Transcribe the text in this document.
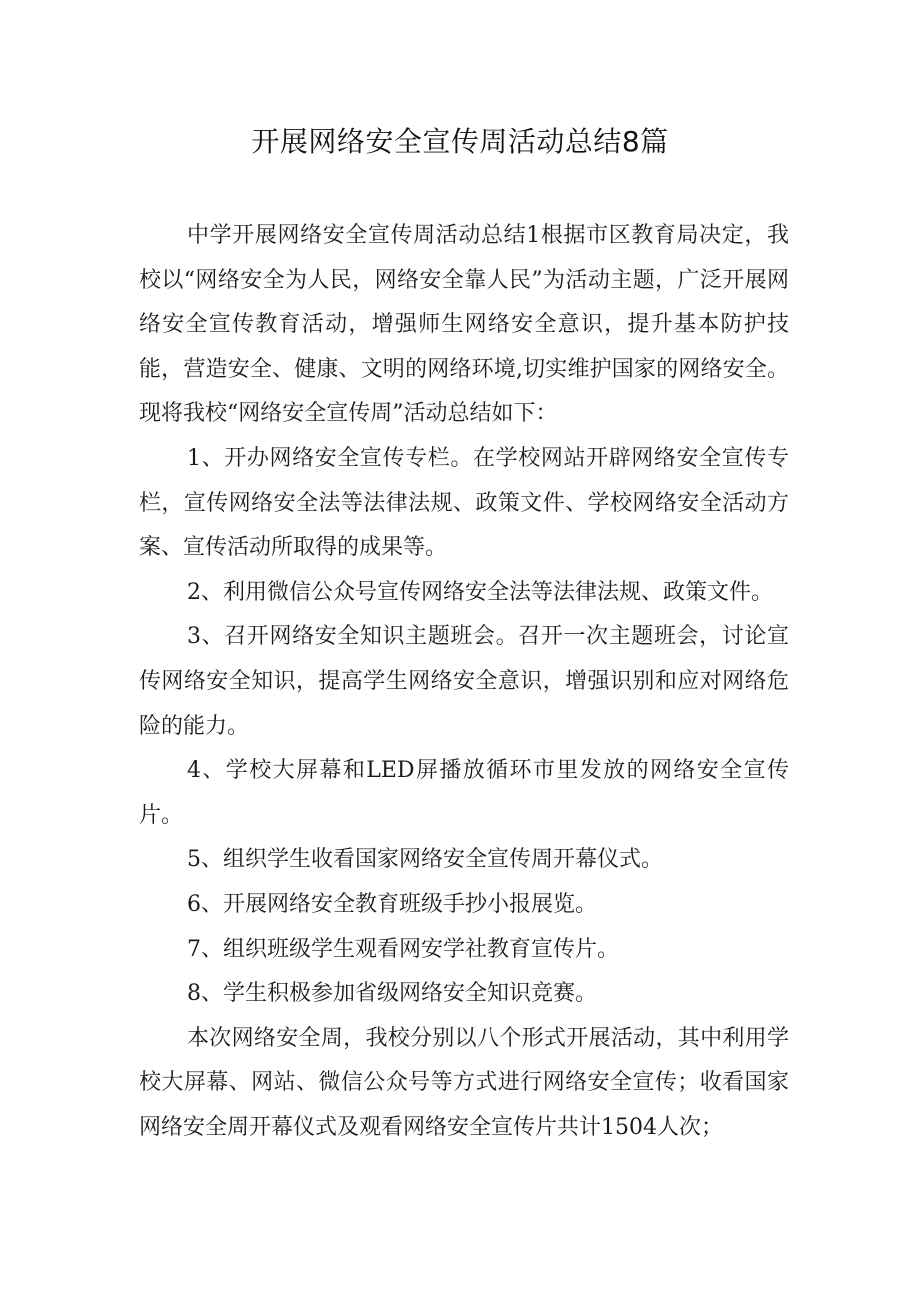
开展网络安全宣传周活动总结8篇

中学开展网络安全宣传周活动总结1根据市区教育局决定，我校以“网络安全为人民，网络安全靠人民”为活动主题，广泛开展网络安全宣传教育活动，增强师生网络安全意识，提升基本防护技能，营造安全、健康、文明的网络环境,切实维护国家的网络安全。现将我校“网络安全宣传周”活动总结如下：

1、开办网络安全宣传专栏。在学校网站开辟网络安全宣传专栏，宣传网络安全法等法律法规、政策文件、学校网络安全活动方案、宣传活动所取得的成果等。

2、利用微信公众号宣传网络安全法等法律法规、政策文件。

3、召开网络安全知识主题班会。召开一次主题班会，讨论宣传网络安全知识，提高学生网络安全意识，增强识别和应对网络危险的能力。

4、学校大屏幕和LED屏播放循环市里发放的网络安全宣传片。

5、组织学生收看国家网络安全宣传周开幕仪式。

6、开展网络安全教育班级手抄小报展览。

7、组织班级学生观看网安学社教育宣传片。

8、学生积极参加省级网络安全知识竞赛。

本次网络安全周，我校分别以八个形式开展活动，其中利用学校大屏幕、网站、微信公众号等方式进行网络安全宣传；收看国家网络安全周开幕仪式及观看网络安全宣传片共计1504人次；
